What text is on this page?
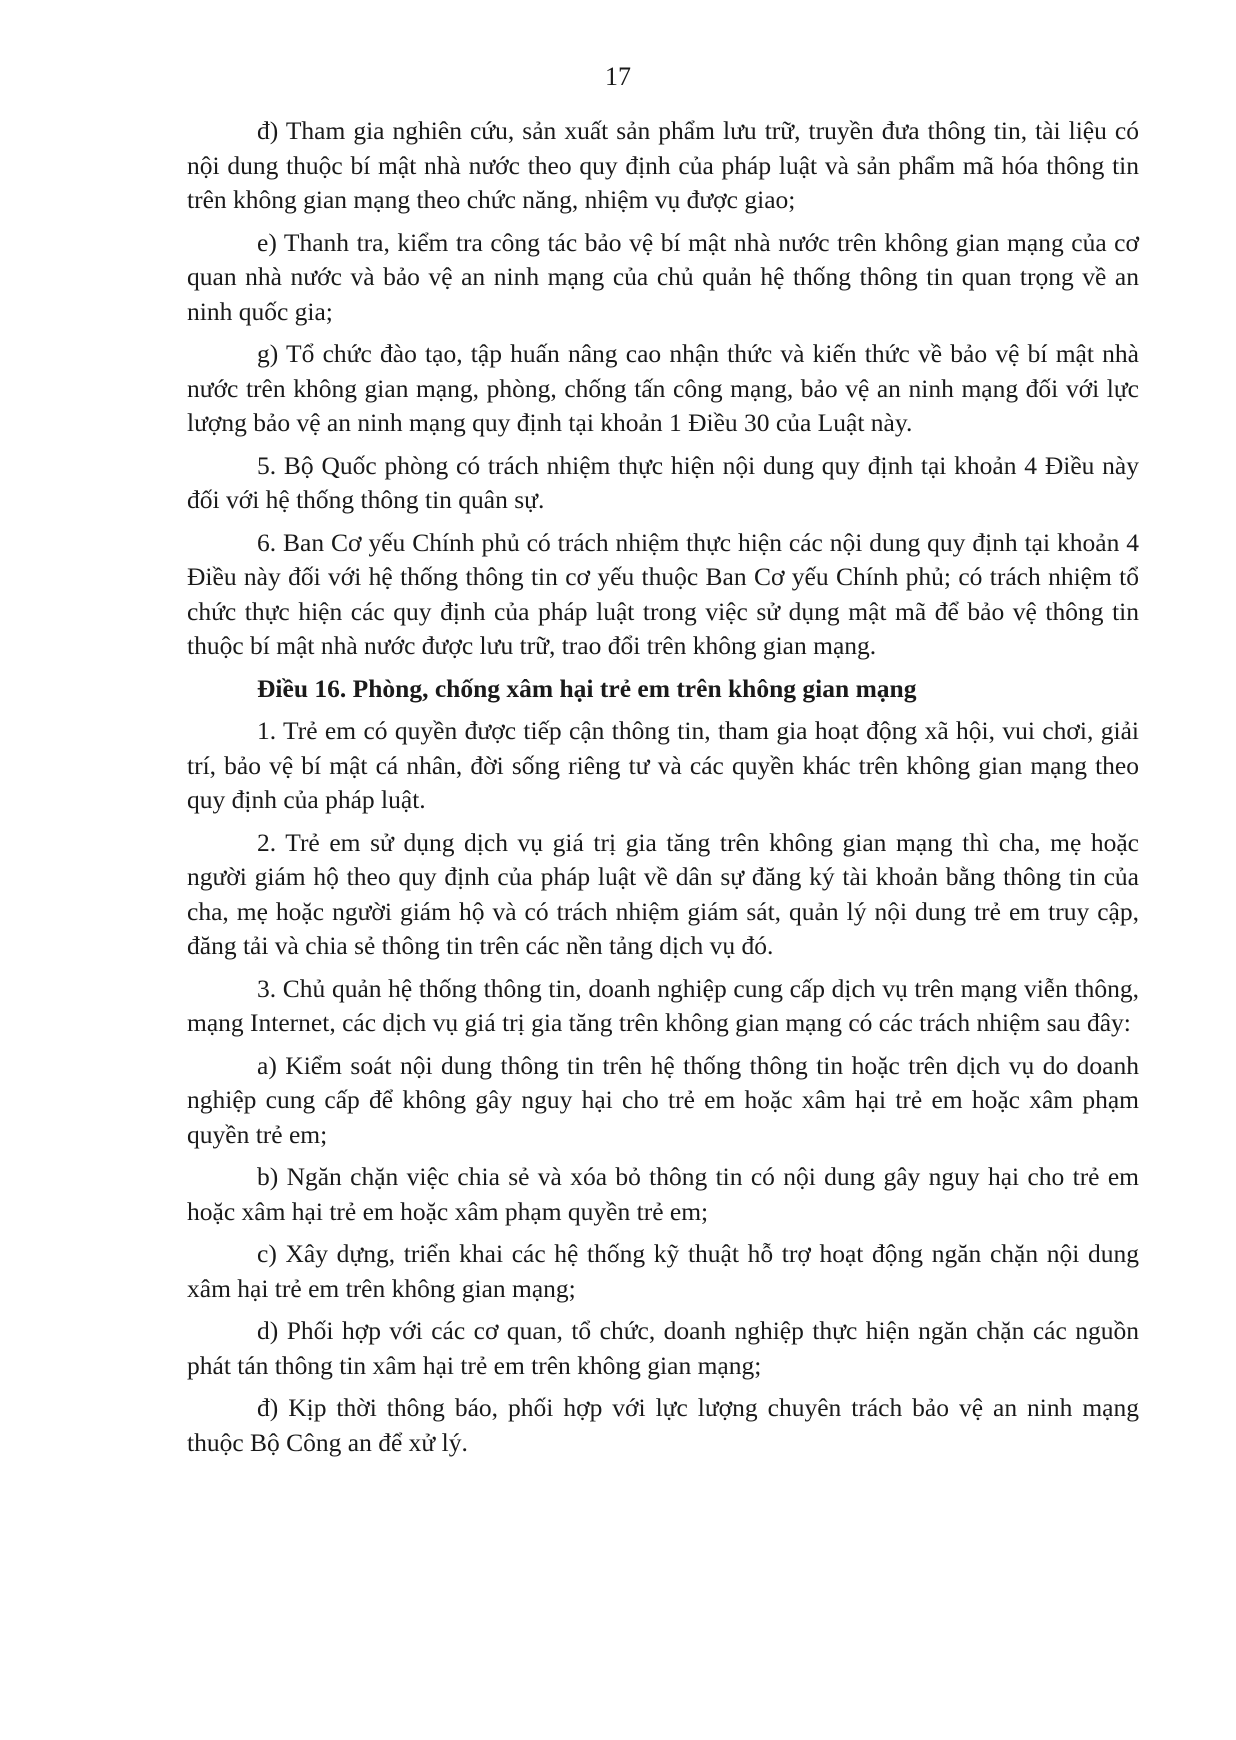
17

đ) Tham gia nghiên cứu, sản xuất sản phẩm lưu trữ, truyền đưa thông tin, tài liệu có nội dung thuộc bí mật nhà nước theo quy định của pháp luật và sản phẩm mã hóa thông tin trên không gian mạng theo chức năng, nhiệm vụ được giao;

e) Thanh tra, kiểm tra công tác bảo vệ bí mật nhà nước trên không gian mạng của cơ quan nhà nước và bảo vệ an ninh mạng của chủ quản hệ thống thông tin quan trọng về an ninh quốc gia;

g) Tổ chức đào tạo, tập huấn nâng cao nhận thức và kiến thức về bảo vệ bí mật nhà nước trên không gian mạng, phòng, chống tấn công mạng, bảo vệ an ninh mạng đối với lực lượng bảo vệ an ninh mạng quy định tại khoản 1 Điều 30 của Luật này.

5. Bộ Quốc phòng có trách nhiệm thực hiện nội dung quy định tại khoản 4 Điều này đối với hệ thống thông tin quân sự.

6. Ban Cơ yếu Chính phủ có trách nhiệm thực hiện các nội dung quy định tại khoản 4 Điều này đối với hệ thống thông tin cơ yếu thuộc Ban Cơ yếu Chính phủ; có trách nhiệm tổ chức thực hiện các quy định của pháp luật trong việc sử dụng mật mã để bảo vệ thông tin thuộc bí mật nhà nước được lưu trữ, trao đổi trên không gian mạng.

Điều 16. Phòng, chống xâm hại trẻ em trên không gian mạng

1. Trẻ em có quyền được tiếp cận thông tin, tham gia hoạt động xã hội, vui chơi, giải trí, bảo vệ bí mật cá nhân, đời sống riêng tư và các quyền khác trên không gian mạng theo quy định của pháp luật.

2. Trẻ em sử dụng dịch vụ giá trị gia tăng trên không gian mạng thì cha, mẹ hoặc người giám hộ theo quy định của pháp luật về dân sự đăng ký tài khoản bằng thông tin của cha, mẹ hoặc người giám hộ và có trách nhiệm giám sát, quản lý nội dung trẻ em truy cập, đăng tải và chia sẻ thông tin trên các nền tảng dịch vụ đó.

3. Chủ quản hệ thống thông tin, doanh nghiệp cung cấp dịch vụ trên mạng viễn thông, mạng Internet, các dịch vụ giá trị gia tăng trên không gian mạng có các trách nhiệm sau đây:

a) Kiểm soát nội dung thông tin trên hệ thống thông tin hoặc trên dịch vụ do doanh nghiệp cung cấp để không gây nguy hại cho trẻ em hoặc xâm hại trẻ em hoặc xâm phạm quyền trẻ em;

b) Ngăn chặn việc chia sẻ và xóa bỏ thông tin có nội dung gây nguy hại cho trẻ em hoặc xâm hại trẻ em hoặc xâm phạm quyền trẻ em;

c) Xây dựng, triển khai các hệ thống kỹ thuật hỗ trợ hoạt động ngăn chặn nội dung xâm hại trẻ em trên không gian mạng;

d) Phối hợp với các cơ quan, tổ chức, doanh nghiệp thực hiện ngăn chặn các nguồn phát tán thông tin xâm hại trẻ em trên không gian mạng;

đ) Kịp thời thông báo, phối hợp với lực lượng chuyên trách bảo vệ an ninh mạng thuộc Bộ Công an để xử lý.
